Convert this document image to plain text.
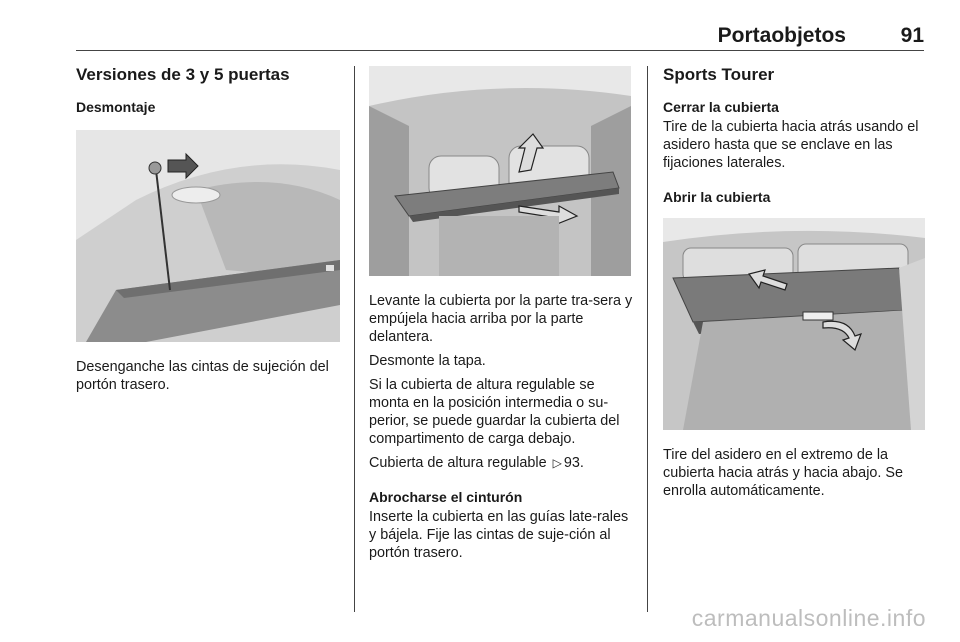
Portaobjetos	91
Versiones de 3 y 5 puertas
Desmontaje

Desenganche las cintas de sujeción del portón trasero.

Levante la cubierta por la parte tra-sera y empújela hacia arriba por la parte delantera.

Desmonte la tapa.

Si la cubierta de altura regulable se monta en la posición intermedia o su-perior, se puede guardar la cubierta del compartimento de carga debajo.

Cubierta de altura regulable ▷ 93.

Abrocharse el cinturón

Inserte la cubierta en las guías late-rales y bájela. Fije las cintas de suje-ción al portón trasero.

Sports Tourer
Cerrar la cubierta

Tire de la cubierta hacia atrás usando el asidero hasta que se enclave en las fijaciones laterales.

Abrir la cubierta

Tire del asidero en el extremo de la cubierta hacia atrás y hacia abajo. Se enrolla automáticamente.

carmanualsonline.info
